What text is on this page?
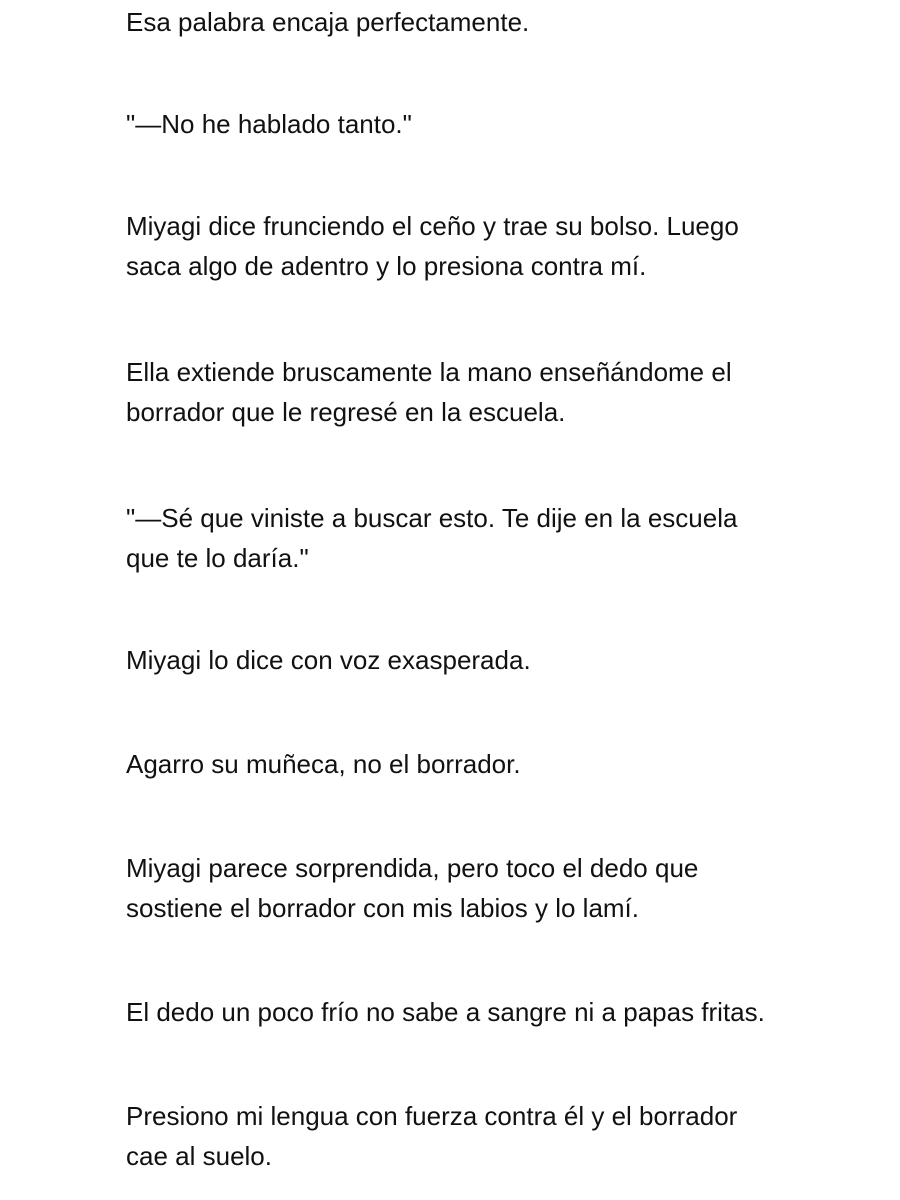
Esa palabra encaja perfectamente.

"—No he hablado tanto."

Miyagi dice frunciendo el ceño y trae su bolso. Luego
saca algo de adentro y lo presiona contra mí.

Ella extiende bruscamente la mano enseñándome el
borrador que le regresé en la escuela.

"—Sé que viniste a buscar esto. Te dije en la escuela
que te lo daría."

Miyagi lo dice con voz exasperada.

Agarro su muñeca, no el borrador.

Miyagi parece sorprendida, pero toco el dedo que
sostiene el borrador con mis labios y lo lamí.

El dedo un poco frío no sabe a sangre ni a papas fritas.

Presiono mi lengua con fuerza contra él y el borrador
cae al suelo.
